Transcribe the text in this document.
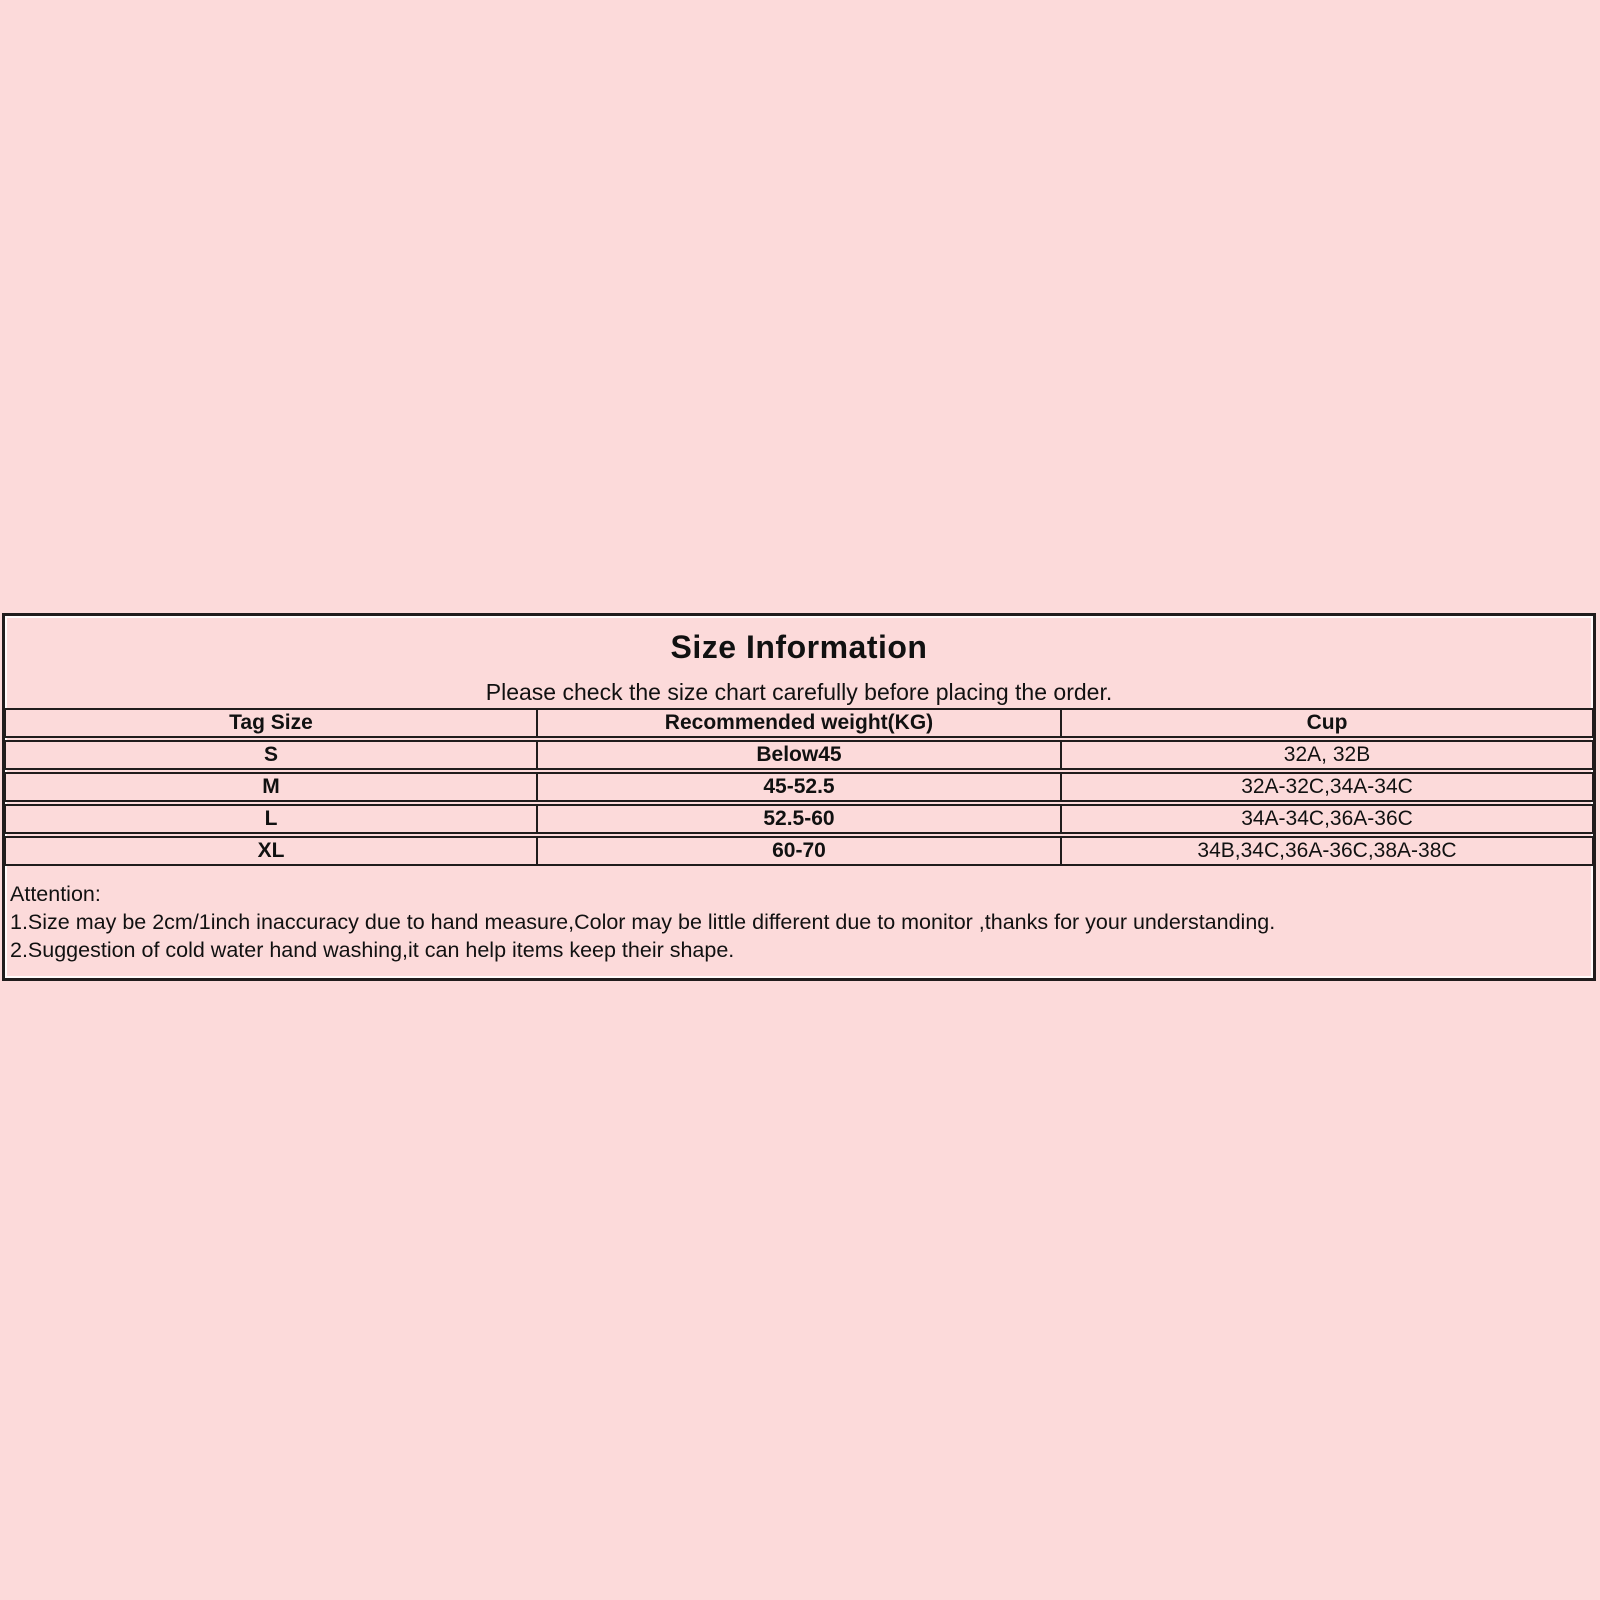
Size Information
Please check the size chart carefully before placing the order.
Tag Size	Recommended weight(KG)	Cup
S	Below45	32A, 32B
M	45-52.5	32A-32C,34A-34C
L	52.5-60	34A-34C,36A-36C
XL	60-70	34B,34C,36A-36C,38A-38C
Attention:
1.Size may be 2cm/1inch inaccuracy due to hand measure,Color may be little different due to monitor ,thanks for your understanding.
2.Suggestion of cold water hand washing,it can help items keep their shape.
